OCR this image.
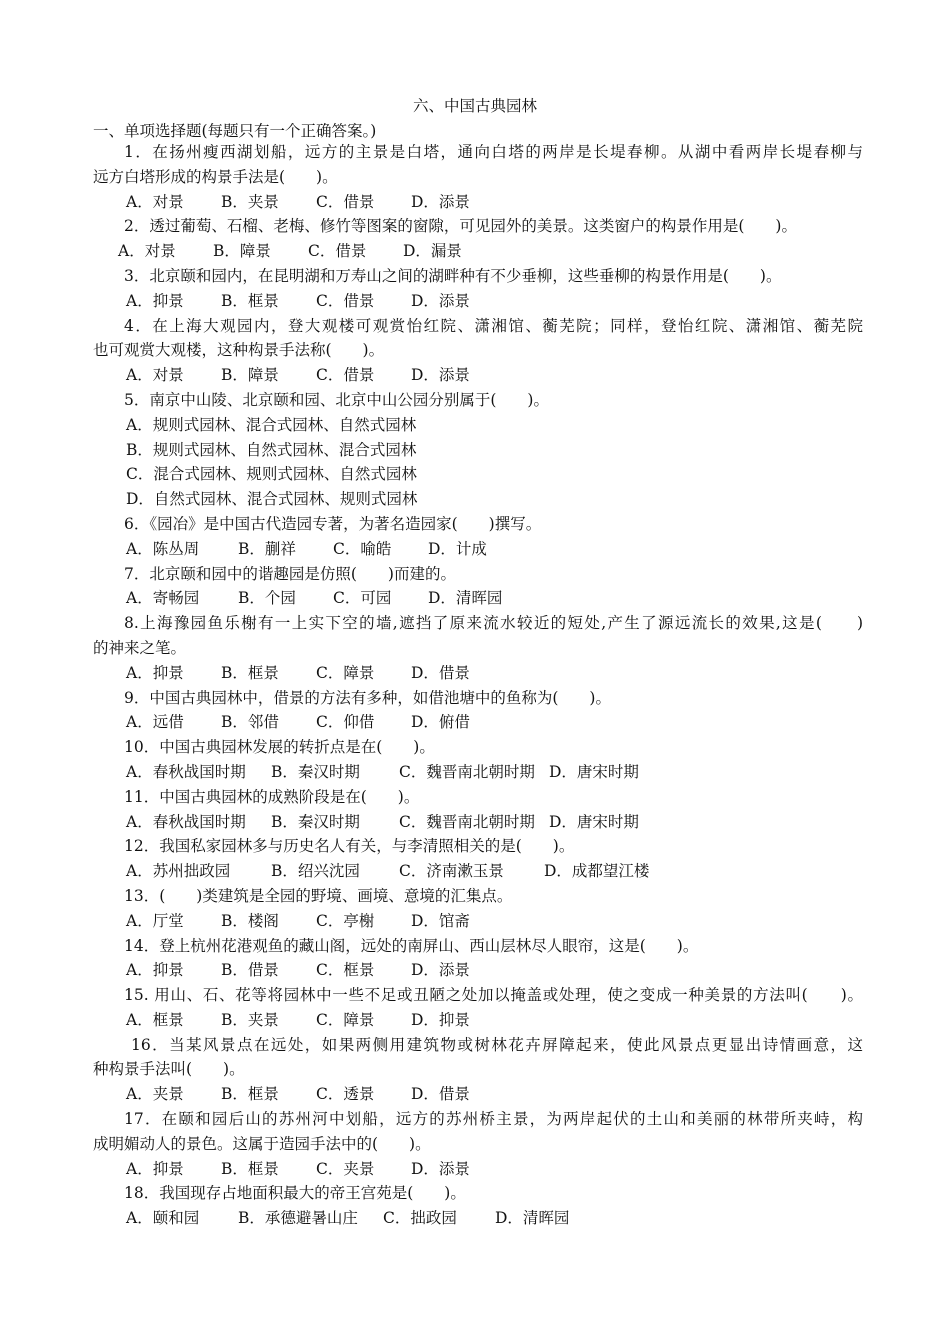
六、中国古典园林
一、单项选择题(每题只有一个正确答案。)
1．在扬州瘦西湖划船，远方的主景是白塔，通向白塔的两岸是长堤春柳。从湖中看两岸长堤春柳与
远方白塔形成的构景手法是(　　)。
A．对景 B．夹景 C．借景 D．添景
2．透过葡萄、石榴、老梅、修竹等图案的窗隙，可见园外的美景。这类窗户的构景作用是(　　)。
A．对景 B．障景 C．借景 D．漏景
3．北京颐和园内，在昆明湖和万寿山之间的湖畔种有不少垂柳，这些垂柳的构景作用是(　　)。
A．抑景 B．框景 C．借景 D．添景
4．在上海大观园内，登大观楼可观赏怡红院、潇湘馆、蘅芜院；同样，登怡红院、潇湘馆、蘅芜院
也可观赏大观楼，这种构景手法称(　　)。
A．对景 B．障景 C．借景 D．添景
5．南京中山陵、北京颐和园、北京中山公园分别属于(　　)。
A．规则式园林、混合式园林、自然式园林
B．规则式园林、自然式园林、混合式园林
C．混合式园林、规则式园林、自然式园林
D．自然式园林、混合式园林、规则式园林
6．《园冶》是中国古代造园专著，为著名造园家(　　)撰写。
A．陈丛周	B．蒯祥 C．喻皓 D．计成
7．北京颐和园中的谐趣园是仿照(　　)而建的。
A．寄畅园	B．个园 C．可园 D．清晖园
8.上海豫园鱼乐榭有一上实下空的墙,遮挡了原来流水较近的短处,产生了源远流长的效果,这是(　　)
的神来之笔。
A．抑景 B．框景 C．障景 D．借景
9．中国古典园林中，借景的方法有多种，如借池塘中的鱼称为(　　)。
A．远借 B．邻借 C．仰借 D．俯借
10．中国古典园林发展的转折点是在(　　)。
A．春秋战国时期 B．秦汉时期	C．魏晋南北朝时期 D．唐宋时期
11．中国古典园林的成熟阶段是在(　　)。
A．春秋战国时期 B．秦汉时期	C．魏晋南北朝时期 D．唐宋时期
12．我国私家园林多与历史名人有关，与李清照相关的是(　　)。
A．苏州拙政园	B．绍兴沈园	C．济南漱玉景	D．成都望江楼
13．(　　)类建筑是全园的野境、画境、意境的汇集点。
A．厅堂 B．楼阁 C．亭榭 D．馆斋
14．登上杭州花港观鱼的藏山阁，远处的南屏山、西山层林尽人眼帘，这是(　　)。
A．抑景 B．借景 C．框景 D．添景
15. 用山、石、花等将园林中一些不足或丑陋之处加以掩盖或处理，使之变成一种美景的方法叫(　　)。
A．框景 B．夹景 C．障景 D．抑景
16．当某风景点在远处，如果两侧用建筑物或树林花卉屏障起来，使此风景点更显出诗情画意，这
种构景手法叫(　　)。
A．夹景 B．框景 C．透景 D．借景
17．在颐和园后山的苏州河中划船，远方的苏州桥主景，为两岸起伏的土山和美丽的林带所夹峙，构
成明媚动人的景色。这属于造园手法中的(　　)。
A．抑景 B．框景 C．夹景 D．添景
18．我国现存占地面积最大的帝王宫苑是(　　)。
A．颐和园	B．承德避暑山庄 C．拙政园 D．清晖园
